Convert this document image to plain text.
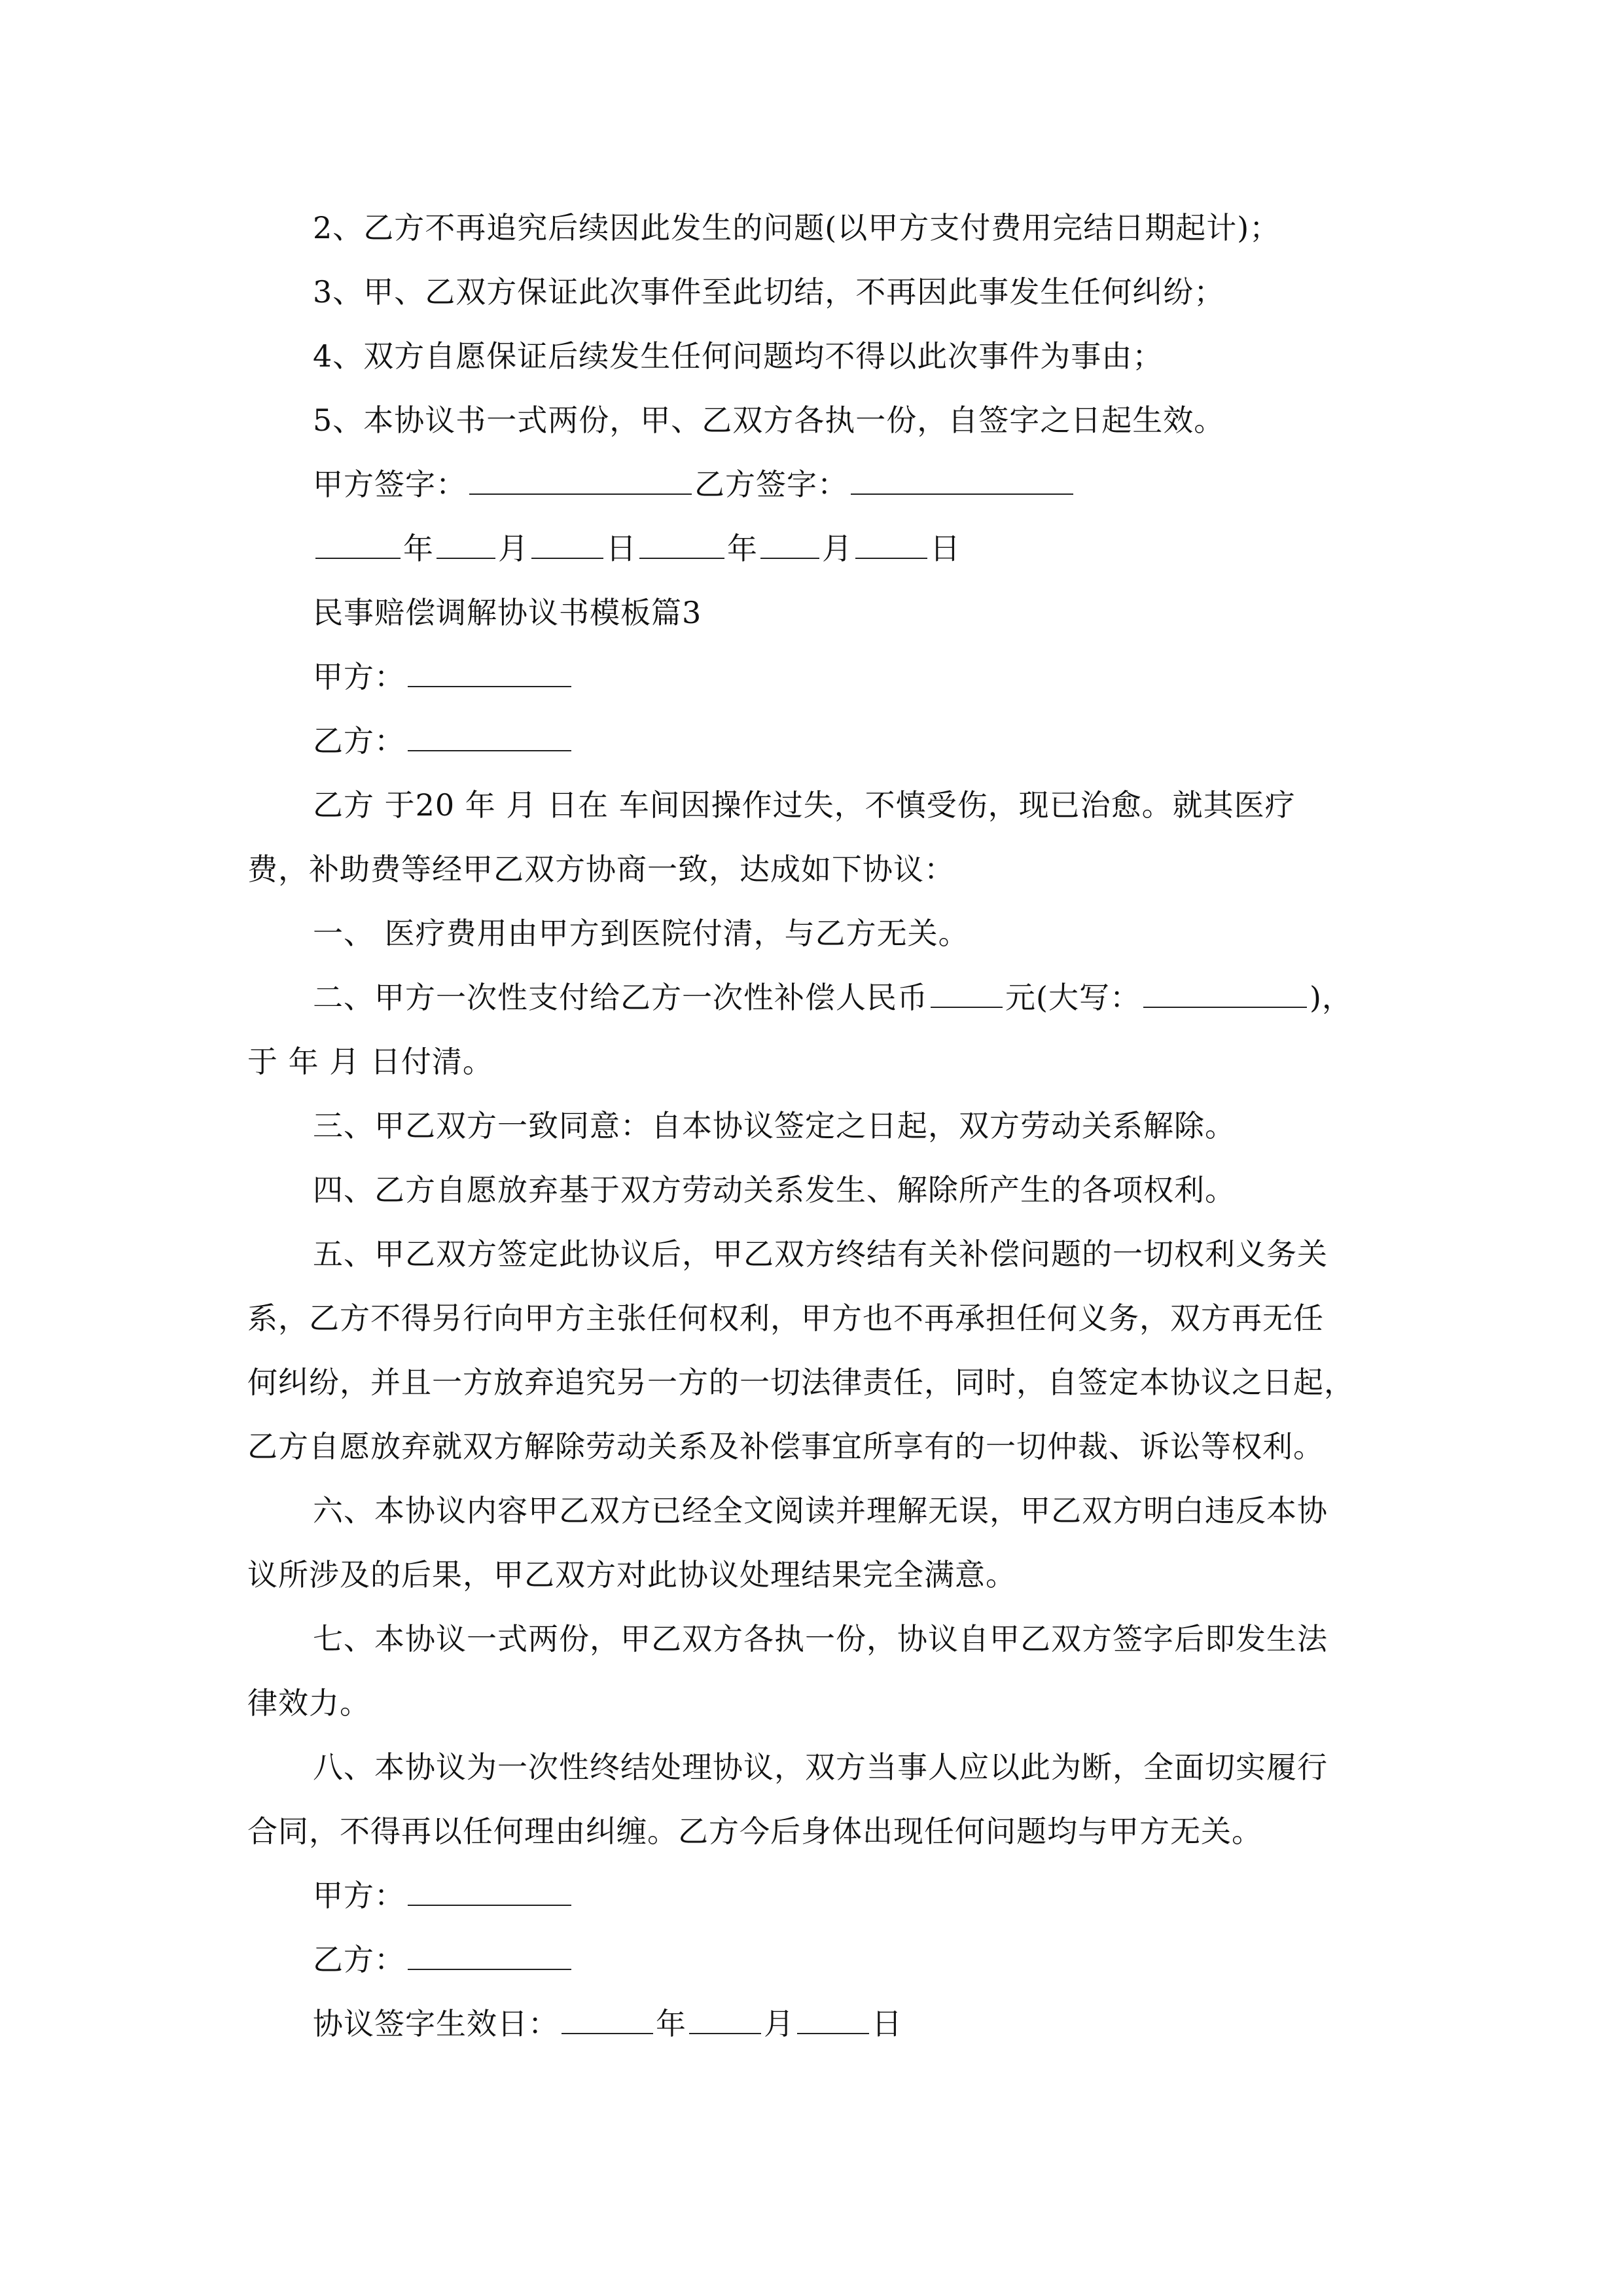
2、乙方不再追究后续因此发生的问题(以甲方支付费用完结日期起计)；
3、甲、乙双方保证此次事件至此切结，不再因此事发生任何纠纷；
4、双方自愿保证后续发生任何问题均不得以此次事件为事由；
5、本协议书一式两份，甲、乙双方各执一份，自签字之日起生效。
甲方签字：	乙方签字：
年 月	日	年 月	日
民事赔偿调解协议书模板篇3
甲方：
乙方：
乙方 于20 年 月 日在 车间因操作过失，不慎受伤，现已治愈。就其医疗
费，补助费等经甲乙双方协商一致，达成如下协议：
一、 医疗费用由甲方到医院付清，与乙方无关。
二、甲方一次性支付给乙方一次性补偿人民币	元(大写：	)，
于 年 月 日付清。
三、甲乙双方一致同意：自本协议签定之日起，双方劳动关系解除。
四、乙方自愿放弃基于双方劳动关系发生、解除所产生的各项权利。
五、甲乙双方签定此协议后，甲乙双方终结有关补偿问题的一切权利义务关
系，乙方不得另行向甲方主张任何权利，甲方也不再承担任何义务，双方再无任
何纠纷，并且一方放弃追究另一方的一切法律责任，同时，自签定本协议之日起，
乙方自愿放弃就双方解除劳动关系及补偿事宜所享有的一切仲裁、诉讼等权利。
六、本协议内容甲乙双方已经全文阅读并理解无误，甲乙双方明白违反本协
议所涉及的后果，甲乙双方对此协议处理结果完全满意。
七、本协议一式两份，甲乙双方各执一份，协议自甲乙双方签字后即发生法
律效力。
八、本协议为一次性终结处理协议，双方当事人应以此为断，全面切实履行
合同，不得再以任何理由纠缠。乙方今后身体出现任何问题均与甲方无关。
甲方：
乙方：
协议签字生效日：	年	月	日
